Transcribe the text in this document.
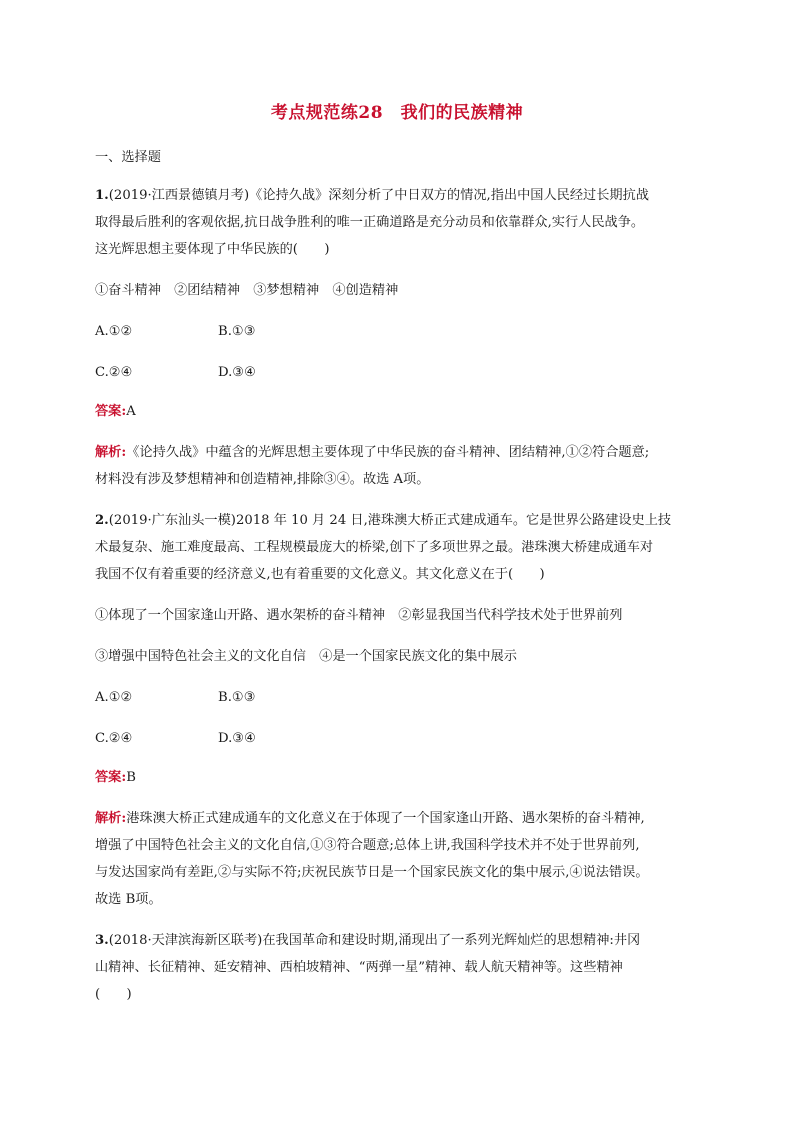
考点规范练28　我们的民族精神
一、选择题
1.(2019·江西景德镇月考)《论持久战》深刻分析了中日双方的情况,指出中国人民经过长期抗战
取得最后胜利的客观依据,抗日战争胜利的唯一正确道路是充分动员和依靠群众,实行人民战争。
这光辉思想主要体现了中华民族的(　　)
①奋斗精神　②团结精神　③梦想精神　④创造精神
A.①②	B.①③
C.②④	D.③④
答案:A
解析:《论持久战》中蕴含的光辉思想主要体现了中华民族的奋斗精神、团结精神,①②符合题意;
材料没有涉及梦想精神和创造精神,排除③④。故选 A项。
2.(2019·广东汕头一模)2018 年 10 月 24 日,港珠澳大桥正式建成通车。它是世界公路建设史上技
术最复杂、施工难度最高、工程规模最庞大的桥梁,创下了多项世界之最。港珠澳大桥建成通车对
我国不仅有着重要的经济意义,也有着重要的文化意义。其文化意义在于(　　)
①体现了一个国家逢山开路、遇水架桥的奋斗精神　②彰显我国当代科学技术处于世界前列
③增强中国特色社会主义的文化自信　④是一个国家民族文化的集中展示
A.①②	B.①③
C.②④	D.③④
答案:B
解析:港珠澳大桥正式建成通车的文化意义在于体现了一个国家逢山开路、遇水架桥的奋斗精神,
增强了中国特色社会主义的文化自信,①③符合题意;总体上讲,我国科学技术并不处于世界前列,
与发达国家尚有差距,②与实际不符;庆祝民族节日是一个国家民族文化的集中展示,④说法错误。
故选 B项。
3.(2018·天津滨海新区联考)在我国革命和建设时期,涌现出了一系列光辉灿烂的思想精神:井冈
山精神、长征精神、延安精神、西柏坡精神、“两弹一星”精神、载人航天精神等。这些精神
(　　)
